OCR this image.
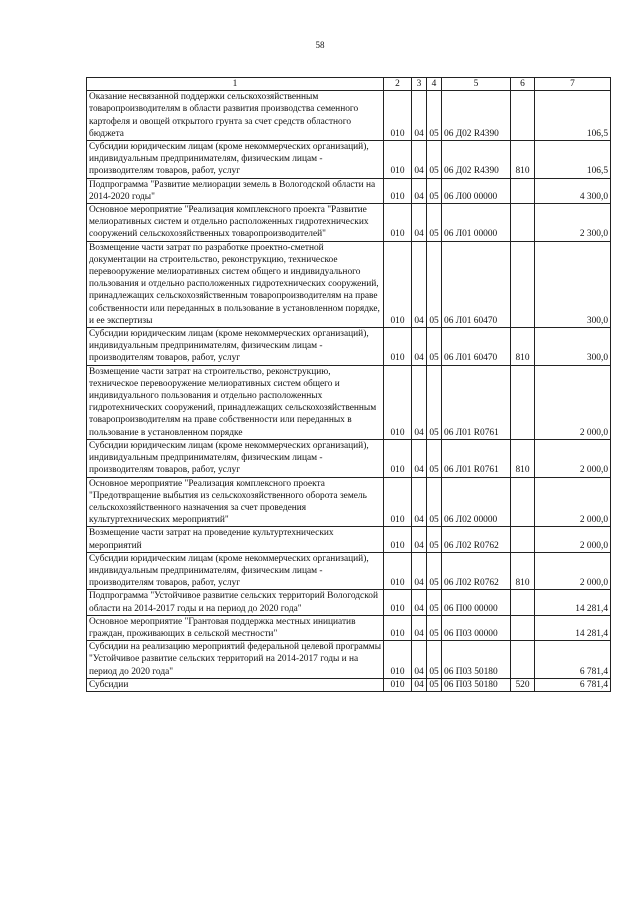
58
1	2	3	4	5	6	7
Оказание несвязанной поддержки сельскохозяйственным товаропроизводителям в области развития производства семенного картофеля и овощей открытого грунта за счет средств областного бюджета	010	04	05	06 Д02 R4390		106,5
Субсидии юридическим лицам (кроме некоммерческих организаций), индивидуальным предпринимателям, физическим лицам - производителям товаров, работ, услуг	010	04	05	06 Д02 R4390	810	106,5
Подпрограмма "Развитие мелиорации земель в Вологодской области на 2014-2020 годы"	010	04	05	06 Л00 00000		4 300,0
Основное мероприятие "Реализация комплексного проекта "Развитие мелиоративных систем и отдельно расположенных гидротехнических сооружений сельскохозяйственных товаропроизводителей"	010	04	05	06 Л01 00000		2 300,0
Возмещение части затрат по разработке проектно-сметной документации на строительство, реконструкцию, техническое перевооружение мелиоративных систем общего и индивидуального пользования и отдельно расположенных гидротехнических сооружений, принадлежащих сельскохозяйственным товаропроизводителям на праве собственности или переданных в пользование в установленном порядке, и ее экспертизы	010	04	05	06 Л01 60470		300,0
Субсидии юридическим лицам (кроме некоммерческих организаций), индивидуальным предпринимателям, физическим лицам - производителям товаров, работ, услуг	010	04	05	06 Л01 60470	810	300,0
Возмещение части затрат на строительство, реконструкцию, техническое перевооружение мелиоративных систем общего и индивидуального пользования и отдельно расположенных гидротехнических сооружений, принадлежащих сельскохозяйственным товаропроизводителям на праве собственности или переданных в пользование в установленном порядке	010	04	05	06 Л01 R0761		2 000,0
Субсидии юридическим лицам (кроме некоммерческих организаций), индивидуальным предпринимателям, физическим лицам - производителям товаров, работ, услуг	010	04	05	06 Л01 R0761	810	2 000,0
Основное мероприятие "Реализация комплексного проекта "Предотвращение выбытия из сельскохозяйственного оборота земель сельскохозяйственного назначения за счет проведения культуртехнических мероприятий"	010	04	05	06 Л02 00000		2 000,0
Возмещение части затрат на проведение культуртехнических мероприятий	010	04	05	06 Л02 R0762		2 000,0
Субсидии юридическим лицам (кроме некоммерческих организаций), индивидуальным предпринимателям, физическим лицам - производителям товаров, работ, услуг	010	04	05	06 Л02 R0762	810	2 000,0
Подпрограмма "Устойчивое развитие сельских территорий Вологодской области на 2014-2017 годы и на период до 2020 года"	010	04	05	06 П00 00000		14 281,4
Основное мероприятие "Грантовая поддержка местных инициатив граждан, проживающих в сельской местности"	010	04	05	06 П03 00000		14 281,4
Субсидии на реализацию мероприятий федеральной целевой программы "Устойчивое развитие сельских территорий на 2014-2017 годы и на период до 2020 года"	010	04	05	06 П03 50180		6 781,4
Субсидии	010	04	05	06 П03 50180	520	6 781,4
